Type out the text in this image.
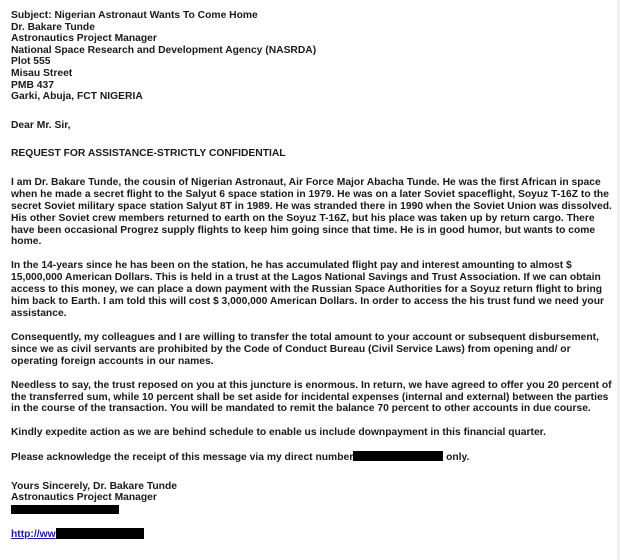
Subject: Nigerian Astronaut Wants To Come Home
Dr. Bakare Tunde
Astronautics Project Manager
National Space Research and Development Agency (NASRDA)
Plot 555
Misau Street
PMB 437
Garki, Abuja, FCT NIGERIA

Dear Mr. Sir,

REQUEST FOR ASSISTANCE-STRICTLY CONFIDENTIAL

I am Dr. Bakare Tunde, the cousin of Nigerian Astronaut, Air Force Major Abacha Tunde. He was the first African in space when he made a secret flight to the Salyut 6 space station in 1979. He was on a later Soviet spaceflight, Soyuz T-16Z to the secret Soviet military space station Salyut 8T in 1989. He was stranded there in 1990 when the Soviet Union was dissolved. His other Soviet crew members returned to earth on the Soyuz T-16Z, but his place was taken up by return cargo. There have been occasional Progrez supply flights to keep him going since that time. He is in good humor, but wants to come home.

In the 14-years since he has been on the station, he has accumulated flight pay and interest amounting to almost $ 15,000,000 American Dollars. This is held in a trust at the Lagos National Savings and Trust Association. If we can obtain access to this money, we can place a down payment with the Russian Space Authorities for a Soyuz return flight to bring him back to Earth. I am told this will cost $ 3,000,000 American Dollars. In order to access the his trust fund we need your assistance.

Consequently, my colleagues and I are willing to transfer the total amount to your account or subsequent disbursement, since we as civil servants are prohibited by the Code of Conduct Bureau (Civil Service Laws) from opening and/ or operating foreign accounts in our names.

Needless to say, the trust reposed on you at this juncture is enormous. In return, we have agreed to offer you 20 percent of the transferred sum, while 10 percent shall be set aside for incidental expenses (internal and external) between the parties in the course of the transaction. You will be mandated to remit the balance 70 percent to other accounts in due course.

Kindly expedite action as we are behind schedule to enable us include downpayment in this financial quarter.

Please acknowledge the receipt of this message via my direct number	only.

Yours Sincerely, Dr. Bakare Tunde

Astronautics Project Manager

http://ww
